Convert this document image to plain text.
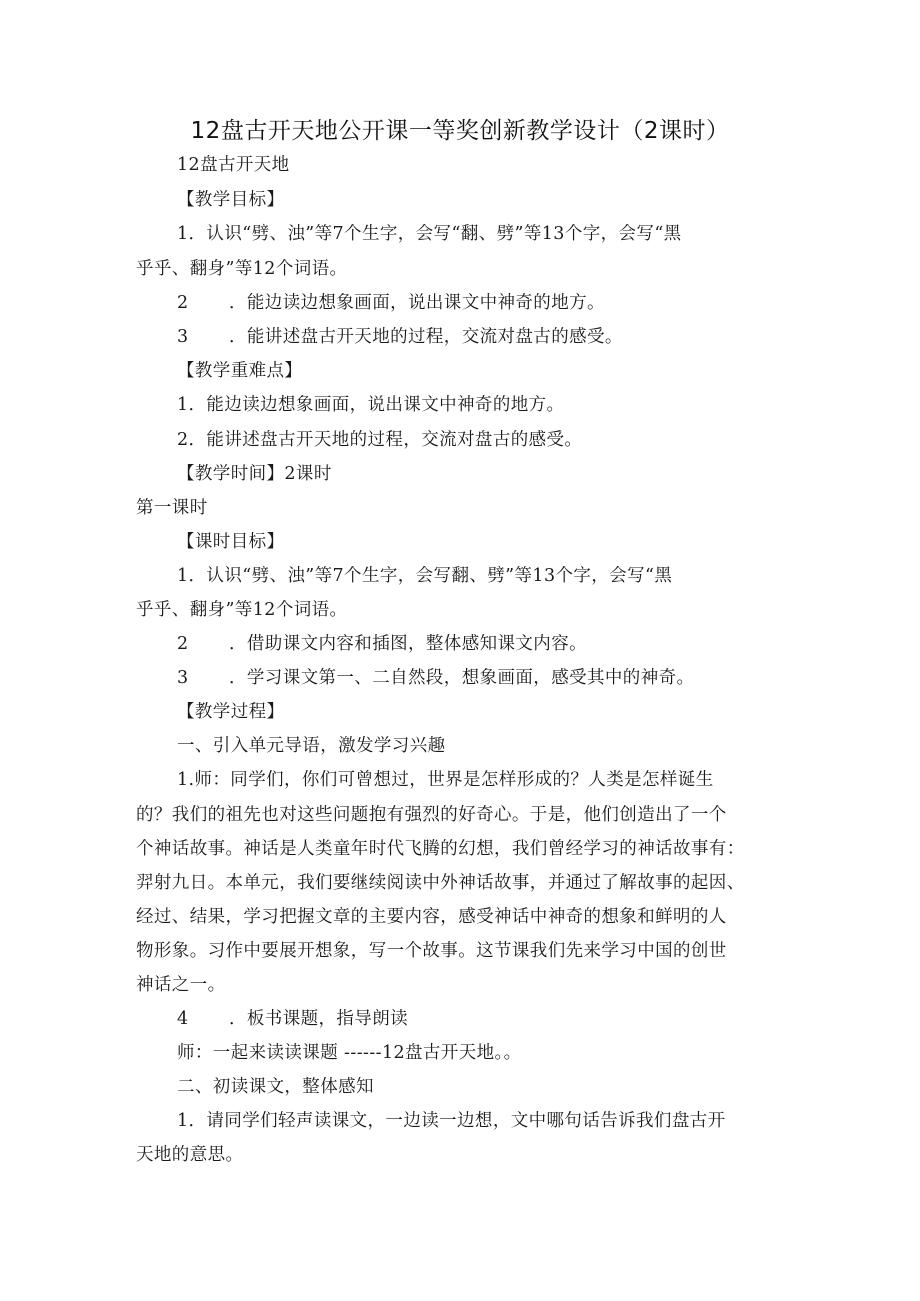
12盘古开天地公开课一等奖创新教学设计（2课时）
12盘古开天地
【教学目标】
1．认识“劈、浊”等7个生字，会写“翻、劈”等13个字，会写“黑
乎乎、翻身”等12个词语。
2 ．能边读边想象画面，说出课文中神奇的地方。
3 ．能讲述盘古开天地的过程，交流对盘古的感受。
【教学重难点】
1．能边读边想象画面，说出课文中神奇的地方。
2．能讲述盘古开天地的过程，交流对盘古的感受。
【教学时间】2课时
第一课时
【课时目标】
1．认识“劈、浊”等7个生字，会写翻、劈”等13个字，会写“黑
乎乎、翻身”等12个词语。
2 ．借助课文内容和插图，整体感知课文内容。
3 ．学习课文第一、二自然段，想象画面，感受其中的神奇。
【教学过程】
一、引入单元导语，激发学习兴趣
1.师：同学们，你们可曾想过，世界是怎样形成的？人类是怎样诞生
的？我们的祖先也对这些问题抱有强烈的好奇心。于是，他们创造出了一个
个神话故事。神话是人类童年时代飞腾的幻想，我们曾经学习的神话故事有：
羿射九日。本单元，我们要继续阅读中外神话故事，并通过了解故事的起因、
经过、结果，学习把握文章的主要内容，感受神话中神奇的想象和鲜明的人
物形象。习作中要展开想象，写一个故事。这节课我们先来学习中国的创世
神话之一。
4 ．板书课题，指导朗读
师：一起来读读课题 ------12盘古开天地。。
二、初读课文，整体感知
1．请同学们轻声读课文，一边读一边想，文中哪句话告诉我们盘古开
天地的意思。
